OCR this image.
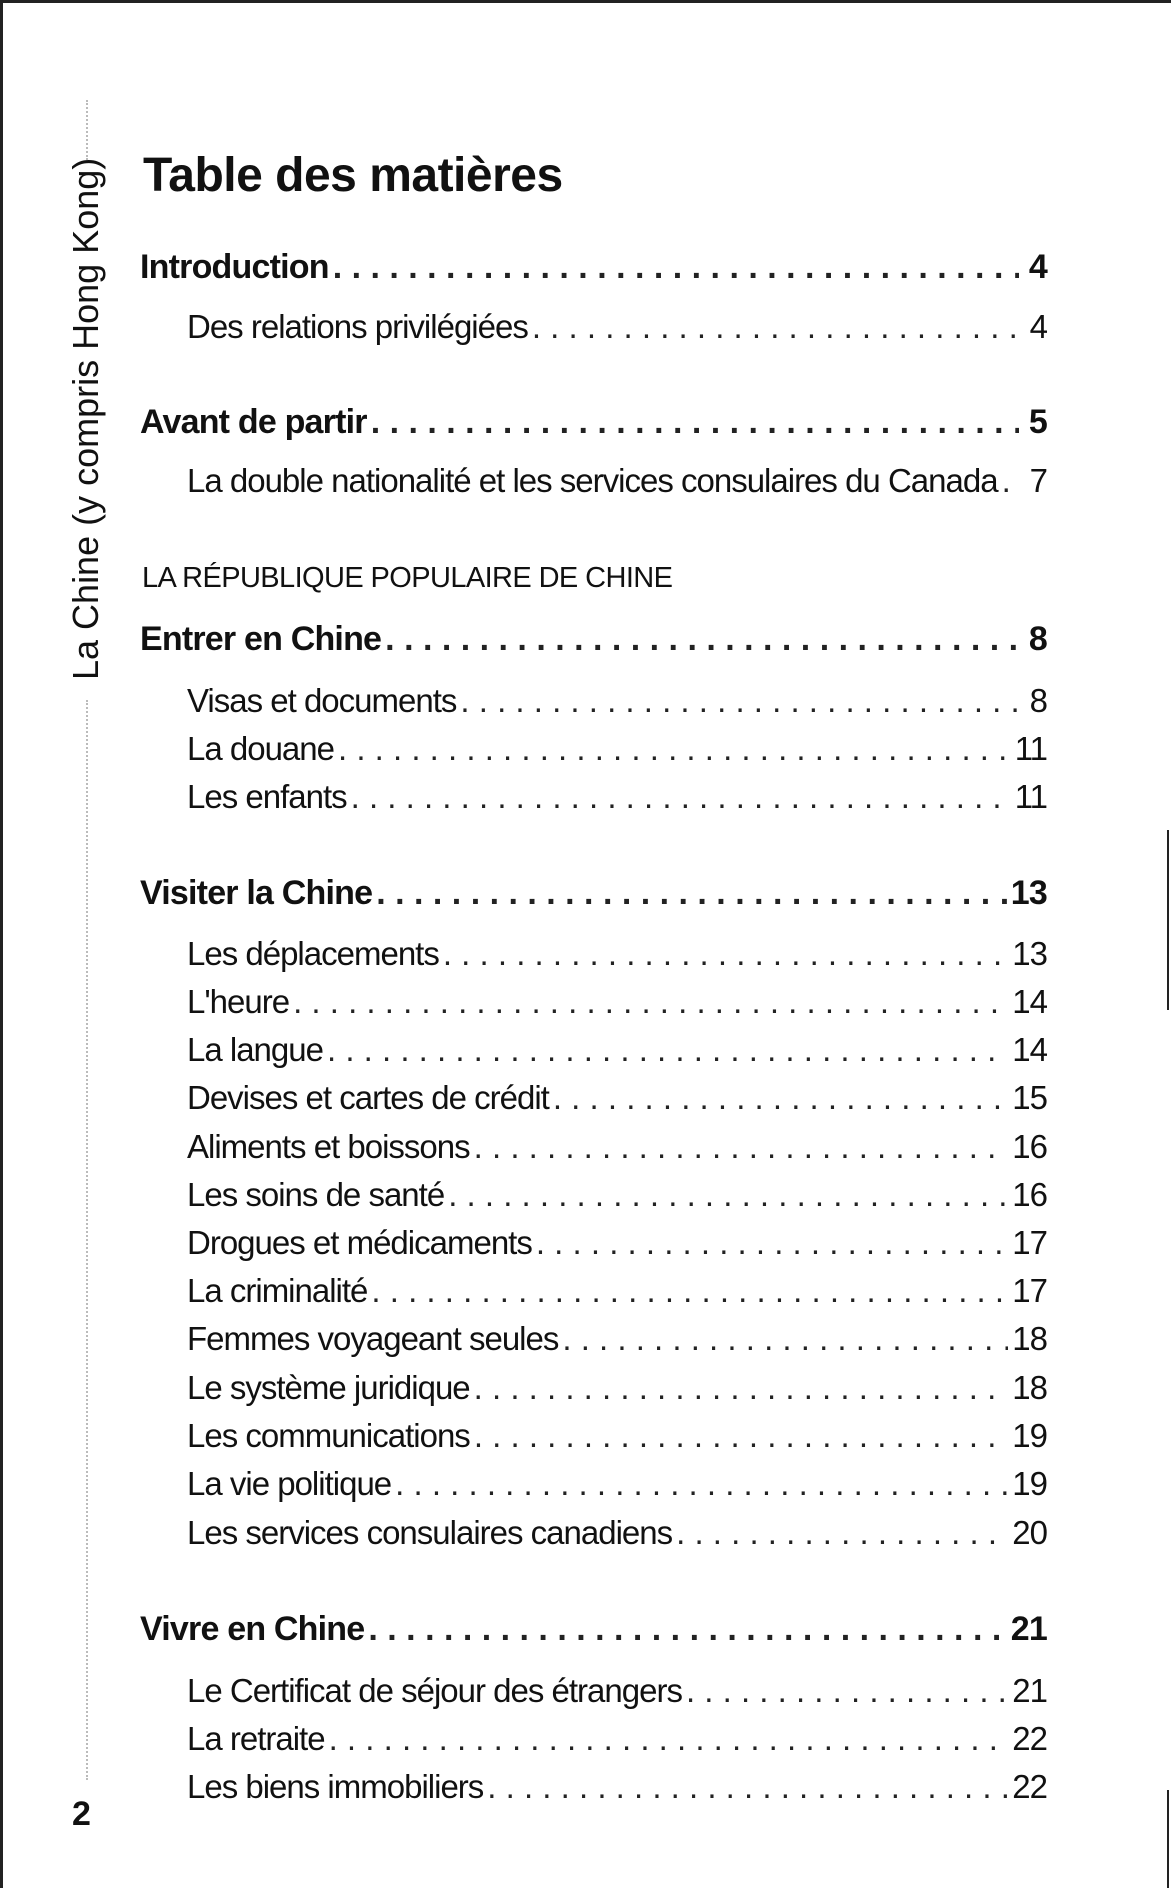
La Chine (y compris Hong Kong)
2
Table des matières
Introduction . . .	4
Des relations privilégiées . . .	4
Avant de partir . . .	5
La double nationalité et les services consulaires du Canada . . . 7
LA RÉPUBLIQUE POPULAIRE DE CHINE
Entrer en Chine . . .	8
Visas et documents . . .	8
La douane . . .	11
Les enfants . . .	11
Visiter la Chine . . .	13
Les déplacements . . .	13
L'heure . . .	14
La langue . . .	14
Devises et cartes de crédit . . .	15
Aliments et boissons . . .	16
Les soins de santé . . .	16
Drogues et médicaments . . .	17
La criminalité . . .	17
Femmes voyageant seules . . .	18
Le système juridique . . .	18
Les communications . . .	19
La vie politique . . .	19
Les services consulaires canadiens . . .	20
Vivre en Chine . . .	21
Le Certificat de séjour des étrangers . . .	21
La retraite . . .	22
Les biens immobiliers . . .	22
